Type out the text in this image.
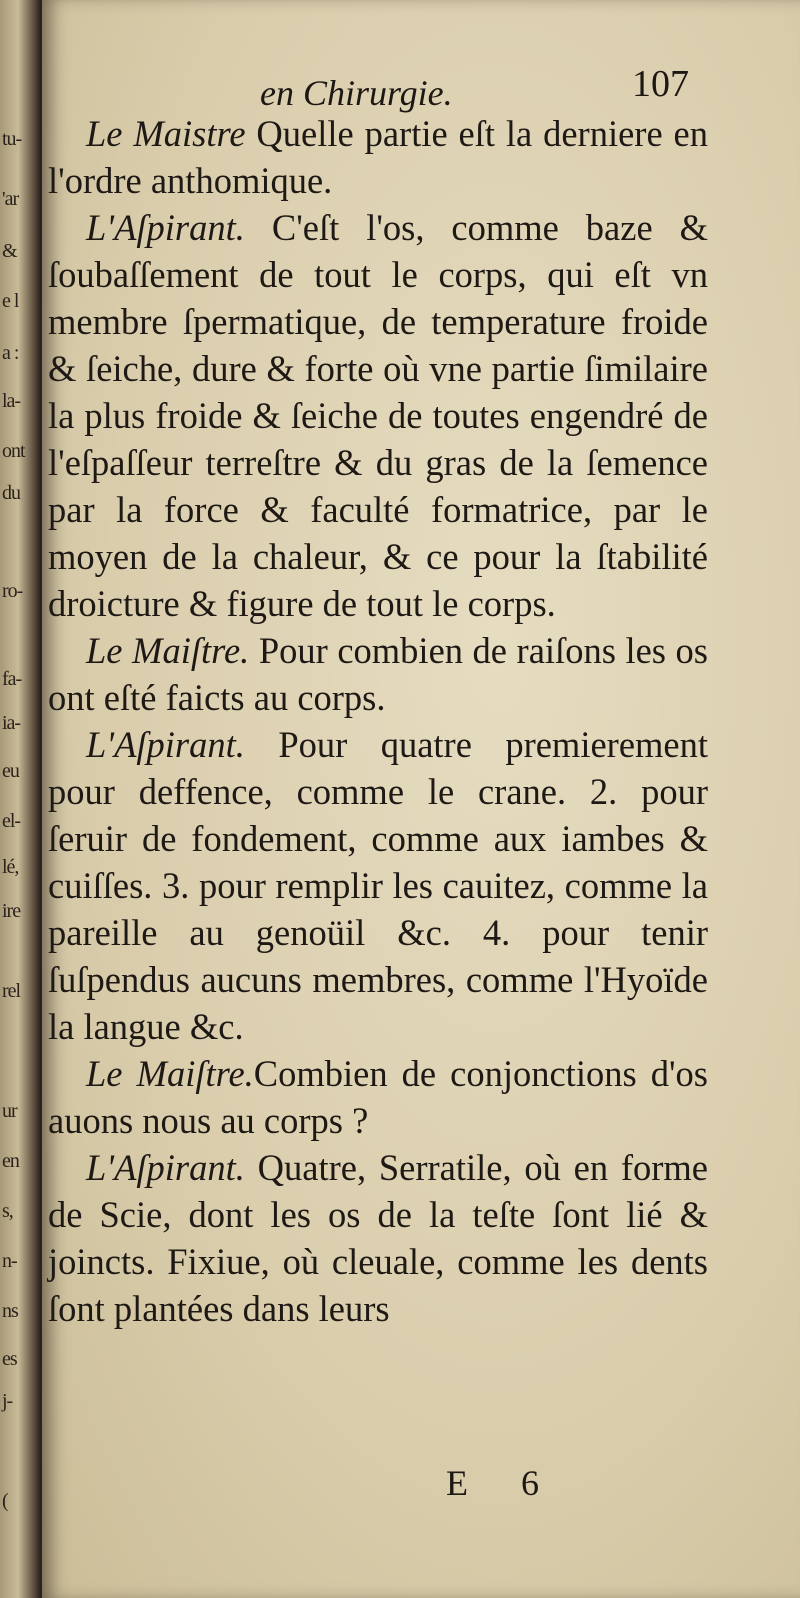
tu-
'ar
&
e l
a :
la-
ont
du
ro-
fa-
ia-
eu
el-
lé,
ire
rel
ur
en
s,
n-
ns
es
j-
(
en Chirurgie.	107

Le Maistre Quelle partie eſt la derniere en l'ordre anthomique.

L'Aſpirant. C'eſt l'os, comme baze & ſoubaſſement de tout le corps, qui eſt vn membre ſpermatique, de temperature froide & ſeiche, dure & forte où vne partie ſimilaire la plus froide & ſeiche de toutes engendré de l'eſpaſſeur terreſtre & du gras de la ſemence par la force & faculté formatrice, par le moyen de la chaleur, & ce pour la ſtabilité droicture & figure de tout le corps.

Le Maiſtre. Pour combien de raiſons les os ont eſté faicts au corps.

L'Aſpirant. Pour quatre premierement pour deffence, comme le crane. 2. pour ſeruir de fondement, comme aux iambes & cuiſſes. 3. pour remplir les cauitez, comme la pareille au genoüil &c. 4. pour tenir ſuſpendus aucuns membres, comme l'Hyoïde la langue &c.

Le Maiſtre.Combien de conjonctions d'os auons nous au corps ?

L'Aſpirant. Quatre, Serratile, où en forme de Scie, dont les os de la teſte ſont lié & joincts. Fixiue, où cleuale, comme les dents ſont plantées dans leurs

E 6
